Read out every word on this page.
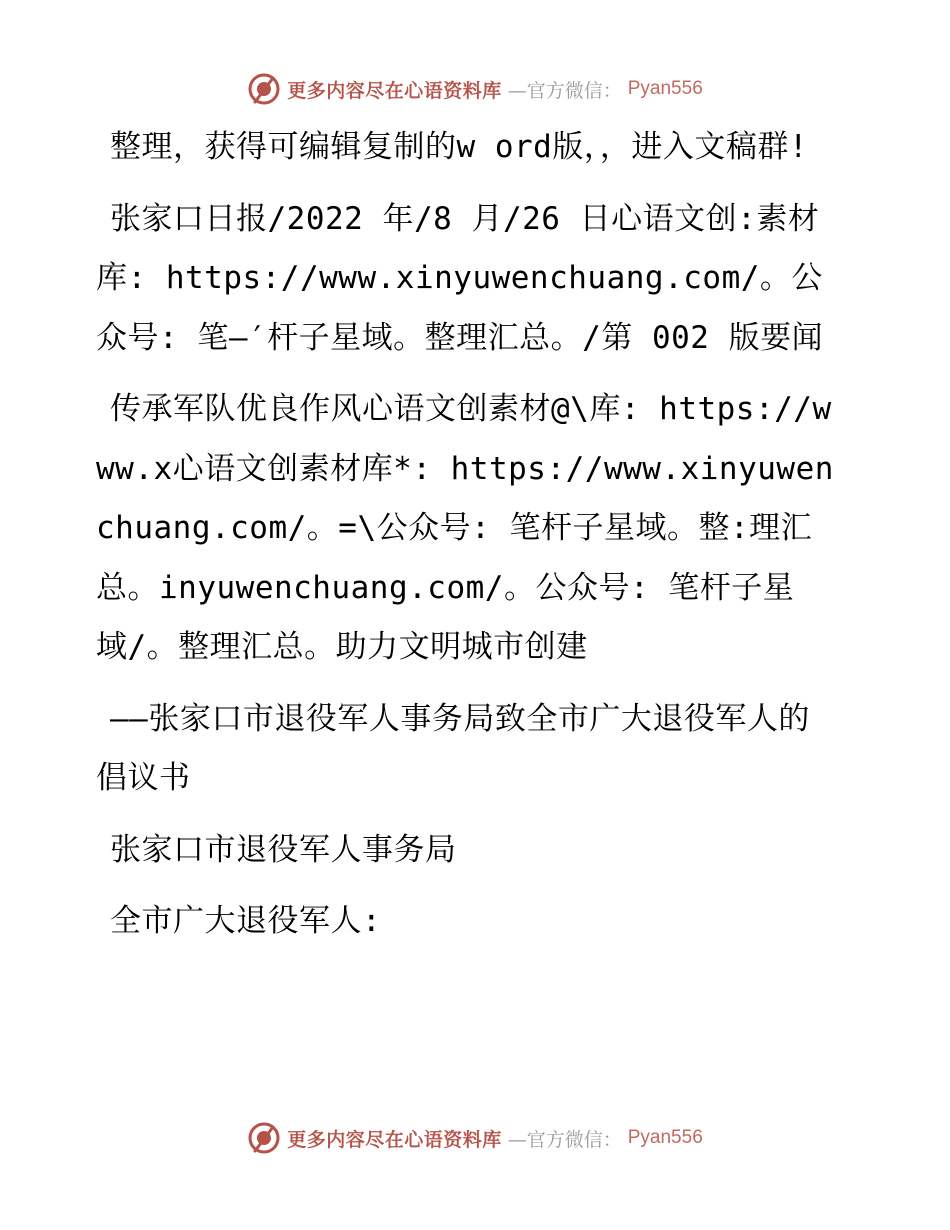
更多内容尽在心语资料库 —官方微信： Pyan556

整理，获得可编辑复制的w ord版，，进入文稿群!

张家口日报/2022 年/8 月/26 日心语文创:素材库: https://www.xinyuwenchuang.com/。公众号: 笔—′杆子星域。整理汇总。/第 002 版要闻

传承军队优良作风心语文创素材@\库: https://www.x心语文创素材库*: https://www.xinyuwenchuang.com/。=\公众号: 笔杆子星域。整:理汇总。inyuwenchuang.com/。公众号: 笔杆子星域/。整理汇总。助力文明城市创建

——张家口市退役军人事务局致全市广大退役军人的倡议书

张家口市退役军人事务局

全市广大退役军人:

更多内容尽在心语资料库 —官方微信： Pyan556
